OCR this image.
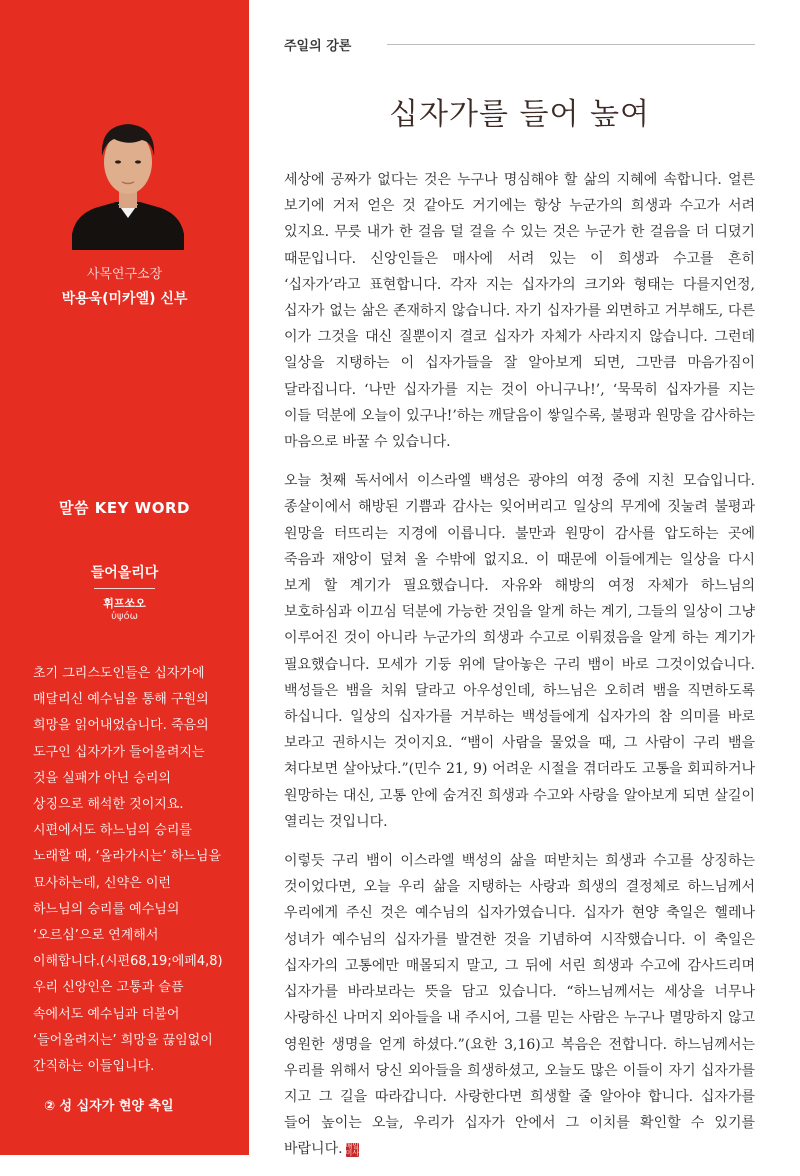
사목연구소장
박용욱(미카엘) 신부
말씀 KEY WORD
들어올리다
휘프쏘오
ὑψόω

초기 그리스도인들은 십자가에 매달리신 예수님을 통해 구원의 희망을 읽어내었습니다. 죽음의 도구인 십자가가 들어올려지는 것을 실패가 아닌 승리의 상징으로 해석한 것이지요. 시편에서도 하느님의 승리를 노래할 때, ‘올라가시는’ 하느님을 묘사하는데, 신약은 이런 하느님의 승리를 예수님의 ‘오르심’으로 연계해서 이해합니다.(시편68,19;에페4,8) 우리 신앙인은 고통과 슬픔 속에서도 예수님과 더불어 ‘들어올려지는’ 희망을 끊임없이 간직하는 이들입니다.

② 성 십자가 현양 축일
주일의 강론
십자가를 들어 높여

세상에 공짜가 없다는 것은 누구나 명심해야 할 삶의 지혜에 속합니다. 얼른 보기에 거저 얻은 것 같아도 거기에는 항상 누군가의 희생과 수고가 서려 있지요. 무릇 내가 한 걸음 덜 걸을 수 있는 것은 누군가 한 걸음을 더 디뎠기 때문입니다. 신앙인들은 매사에 서려 있는 이 희생과 수고를 흔히 ‘십자가’라고 표현합니다. 각자 지는 십자가의 크기와 형태는 다를지언정, 십자가 없는 삶은 존재하지 않습니다. 자기 십자가를 외면하고 거부해도, 다른 이가 그것을 대신 질뿐이지 결코 십자가 자체가 사라지지 않습니다. 그런데 일상을 지탱하는 이 십자가들을 잘 알아보게 되면, 그만큼 마음가짐이 달라집니다. ‘나만 십자가를 지는 것이 아니구나!’, ‘묵묵히 십자가를 지는 이들 덕분에 오늘이 있구나!’하는 깨달음이 쌓일수록, 불평과 원망을 감사하는 마음으로 바꿀 수 있습니다.

오늘 첫째 독서에서 이스라엘 백성은 광야의 여정 중에 지친 모습입니다. 종살이에서 해방된 기쁨과 감사는 잊어버리고 일상의 무게에 짓눌려 불평과 원망을 터뜨리는 지경에 이릅니다. 불만과 원망이 감사를 압도하는 곳에 죽음과 재앙이 덮쳐 올 수밖에 없지요. 이 때문에 이들에게는 일상을 다시 보게 할 계기가 필요했습니다. 자유와 해방의 여정 자체가 하느님의 보호하심과 이끄심 덕분에 가능한 것임을 알게 하는 계기, 그들의 일상이 그냥 이루어진 것이 아니라 누군가의 희생과 수고로 이뤄졌음을 알게 하는 계기가 필요했습니다. 모세가 기둥 위에 달아놓은 구리 뱀이 바로 그것이었습니다. 백성들은 뱀을 치워 달라고 아우성인데, 하느님은 오히려 뱀을 직면하도록 하십니다. 일상의 십자가를 거부하는 백성들에게 십자가의 참 의미를 바로 보라고 권하시는 것이지요. “뱀이 사람을 물었을 때, 그 사람이 구리 뱀을 쳐다보면 살아났다.”(민수 21, 9) 어려운 시절을 겪더라도 고통을 회피하거나 원망하는 대신, 고통 안에 숨겨진 희생과 수고와 사랑을 알아보게 되면 살길이 열리는 것입니다.

이렇듯 구리 뱀이 이스라엘 백성의 삶을 떠받치는 희생과 수고를 상징하는 것이었다면, 오늘 우리 삶을 지탱하는 사랑과 희생의 결정체로 하느님께서 우리에게 주신 것은 예수님의 십자가였습니다. 십자가 현양 축일은 헬레나 성녀가 예수님의 십자가를 발견한 것을 기념하여 시작했습니다. 이 축일은 십자가의 고통에만 매몰되지 말고, 그 뒤에 서린 희생과 수고에 감사드리며 십자가를 바라보라는 뜻을 담고 있습니다. “하느님께서는 세상을 너무나 사랑하신 나머지 외아들을 내 주시어, 그를 믿는 사람은 누구나 멸망하지 않고 영원한 생명을 얻게 하셨다.”(요한 3,16)고 복음은 전합니다. 하느님께서는 우리를 위해서 당신 외아들을 희생하셨고, 오늘도 많은 이들이 자기 십자가를 지고 그 길을 따라갑니다. 사랑한다면 희생할 줄 알아야 합니다. 십자가를 들어 높이는 오늘, 우리가 십자가 안에서 그 이치를 확인할 수 있기를 바랍니다. 매일 미사
